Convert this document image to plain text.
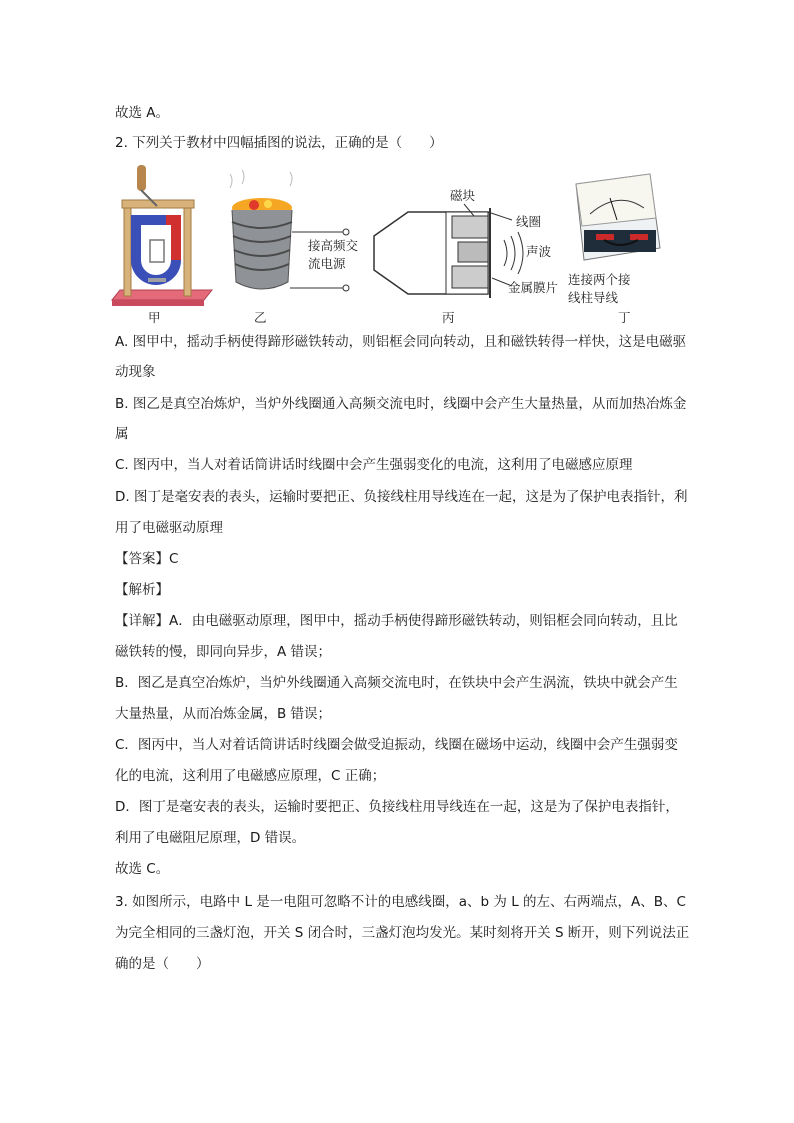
故选 A。
2. 下列关于教材中四幅插图的说法，正确的是（　　）
甲	乙	丙	丁
接高频交
流电源
磁块
线圈
声波
金属膜片
连接两个接
线柱导线
A. 图甲中，摇动手柄使得蹄形磁铁转动，则铝框会同向转动，且和磁铁转得一样快，这是电磁驱
动现象
B. 图乙是真空冶炼炉，当炉外线圈通入高频交流电时，线圈中会产生大量热量，从而加热冶炼金
属
C. 图丙中，当人对着话筒讲话时线圈中会产生强弱变化的电流，这利用了电磁感应原理
D. 图丁是毫安表的表头，运输时要把正、负接线柱用导线连在一起，这是为了保护电表指针，利
用了电磁驱动原理
【答案】C
【解析】
【详解】A．由电磁驱动原理，图甲中，摇动手柄使得蹄形磁铁转动，则铝框会同向转动，且比
磁铁转的慢，即同向异步，A 错误；
B．图乙是真空冶炼炉，当炉外线圈通入高频交流电时，在铁块中会产生涡流，铁块中就会产生
大量热量，从而冶炼金属，B 错误；
C．图丙中，当人对着话筒讲话时线圈会做受迫振动，线圈在磁场中运动，线圈中会产生强弱变
化的电流，这利用了电磁感应原理，C 正确；
D．图丁是毫安表的表头，运输时要把正、负接线柱用导线连在一起，这是为了保护电表指针，
利用了电磁阻尼原理，D 错误。
故选 C。
3. 如图所示，电路中 L 是一电阻可忽略不计的电感线圈，a、b 为 L 的左、右两端点，A、B、C
为完全相同的三盏灯泡，开关 S 闭合时，三盏灯泡均发光。某时刻将开关 S 断开，则下列说法正
确的是（　　）
